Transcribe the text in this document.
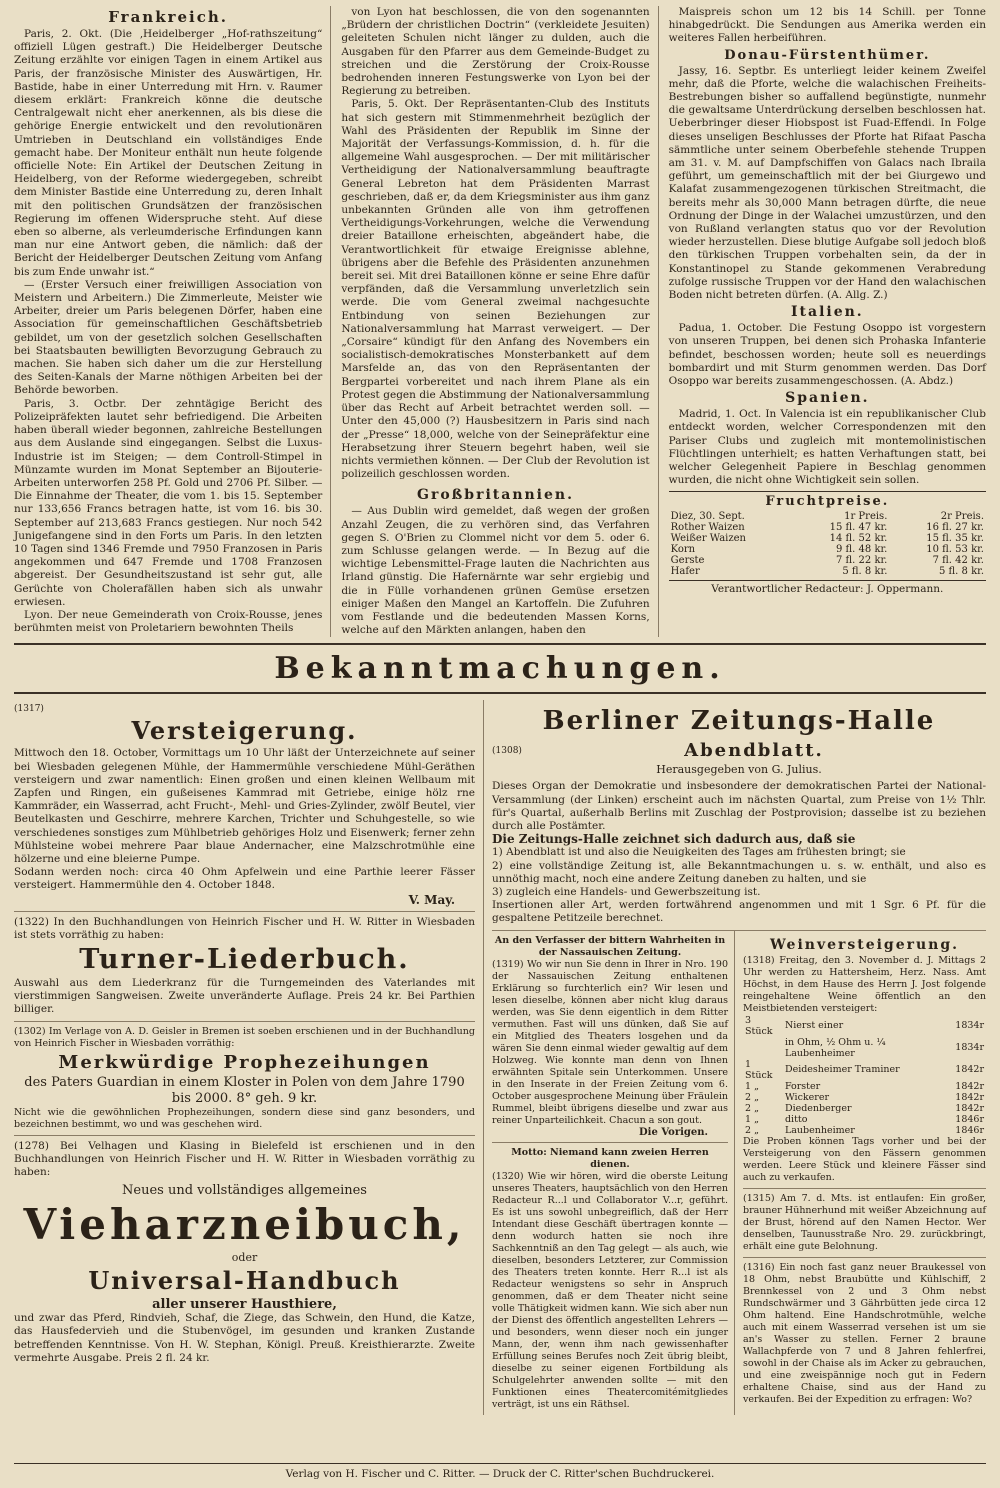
Frankreich.

Paris, 2. Okt. (Die ‚Heidelberger „Hof-rathszeitung“ offiziell Lügen gestraft.) Die Heidelberger Deutsche Zeitung erzählte vor einigen Tagen in einem Artikel aus Paris, der französische Minister des Auswärtigen, Hr. Bastide, habe in einer Unterredung mit Hrn. v. Raumer diesem erklärt: Frankreich könne die deutsche Centralgewalt nicht eher anerkennen, als bis diese die gehörige Energie entwickelt und den revolutionären Umtrieben in Deutschland ein vollständiges Ende gemacht habe. Der Moniteur enthält nun heute folgende officielle Note: Ein Artikel der Deutschen Zeitung in Heidelberg, von der Reforme wiedergegeben, schreibt dem Minister Bastide eine Unterredung zu, deren Inhalt mit den politischen Grundsätzen der französischen Regierung im offenen Widerspruche steht. Auf diese eben so alberne, als verleumderische Erfindungen kann man nur eine Antwort geben, die nämlich: daß der Bericht der Heidelberger Deutschen Zeitung vom Anfang bis zum Ende unwahr ist.“

— (Erster Versuch einer freiwilligen Association von Meistern und Arbeitern.) Die Zimmerleute, Meister wie Arbeiter, dreier um Paris belegenen Dörfer, haben eine Association für gemeinschaftlichen Geschäftsbetrieb gebildet, um von der gesetzlich solchen Gesellschaften bei Staatsbauten bewilligten Bevorzugung Gebrauch zu machen. Sie haben sich daher um die zur Herstellung des Seiten-Kanals der Marne nöthigen Arbeiten bei der Behörde beworben.

Paris, 3. Octbr. Der zehntägige Bericht des Polizeipräfekten lautet sehr befriedigend. Die Arbeiten haben überall wieder begonnen, zahlreiche Bestellungen aus dem Auslande sind eingegangen. Selbst die Luxus-Industrie ist im Steigen; — dem Controll-Stimpel in Münzamte wurden im Monat September an Bijouterie-Arbeiten unterworfen 258 Pf. Gold und 2706 Pf. Silber. — Die Einnahme der Theater, die vom 1. bis 15. September nur 133,656 Francs betragen hatte, ist vom 16. bis 30. September auf 213,683 Francs gestiegen. Nur noch 542 Junigefangene sind in den Forts um Paris. In den letzten 10 Tagen sind 1346 Fremde und 7950 Franzosen in Paris angekommen und 647 Fremde und 1708 Franzosen abgereist. Der Gesundheitszustand ist sehr gut, alle Gerüchte von Cholerafällen haben sich als unwahr erwiesen.

Lyon. Der neue Gemeinderath von Croix-Rousse, jenes berühmten meist von Proletariern bewohnten Theils

von Lyon hat beschlossen, die von den sogenannten „Brüdern der christlichen Doctrin“ (verkleidete Jesuiten) geleiteten Schulen nicht länger zu dulden, auch die Ausgaben für den Pfarrer aus dem Gemeinde-Budget zu streichen und die Zerstörung der Croix-Rousse bedrohenden inneren Festungswerke von Lyon bei der Regierung zu betreiben.

Paris, 5. Okt. Der Repräsentanten-Club des Instituts hat sich gestern mit Stimmenmehrheit bezüglich der Wahl des Präsidenten der Republik im Sinne der Majorität der Verfassungs-Kommission, d. h. für die allgemeine Wahl ausgesprochen. — Der mit militärischer Vertheidigung der Nationalversammlung beauftragte General Lebreton hat dem Präsidenten Marrast geschrieben, daß er, da dem Kriegsminister aus ihm ganz unbekannten Gründen alle von ihm getroffenen Vertheidigungs-Vorkehrungen, welche die Verwendung dreier Bataillone erheischten, abgeändert habe, die Verantwortlichkeit für etwaige Ereignisse ablehne, übrigens aber die Befehle des Präsidenten anzunehmen bereit sei. Mit drei Bataillonen könne er seine Ehre dafür verpfänden, daß die Versammlung unverletzlich sein werde. Die vom General zweimal nachgesuchte Entbindung von seinen Beziehungen zur Nationalversammlung hat Marrast verweigert. — Der „Corsaire“ kündigt für den Anfang des Novembers ein socialistisch-demokratisches Monsterbankett auf dem Marsfelde an, das von den Repräsentanten der Bergpartei vorbereitet und nach ihrem Plane als ein Protest gegen die Abstimmung der Nationalversammlung über das Recht auf Arbeit betrachtet werden soll. — Unter den 45,000 (?) Hausbesitzern in Paris sind nach der „Presse“ 18,000, welche von der Seinepräfektur eine Herabsetzung ihrer Steuern begehrt haben, weil sie nichts vermiethen können. — Der Club der Revolution ist polizeilich geschlossen worden.

Großbritannien.

— Aus Dublin wird gemeldet, daß wegen der großen Anzahl Zeugen, die zu verhören sind, das Verfahren gegen S. O'Brien zu Clommel nicht vor dem 5. oder 6. zum Schlusse gelangen werde. — In Bezug auf die wichtige Lebensmittel-Frage lauten die Nachrichten aus Irland günstig. Die Hafernärnte war sehr ergiebig und die in Fülle vorhandenen grünen Gemüse ersetzen einiger Maßen den Mangel an Kartoffeln. Die Zufuhren vom Festlande und die bedeutenden Massen Korns, welche auf den Märkten anlangen, haben den

Maispreis schon um 12 bis 14 Schill. per Tonne hinabgedrückt. Die Sendungen aus Amerika werden ein weiteres Fallen herbeiführen.

Donau-Fürstenthümer.

Jassy, 16. Septbr. Es unterliegt leider keinem Zweifel mehr, daß die Pforte, welche die walachischen Freiheits-Bestrebungen bisher so auffallend begünstigte, nunmehr die gewaltsame Unterdrückung derselben beschlossen hat. Ueberbringer dieser Hiobspost ist Fuad-Effendi. In Folge dieses unseligen Beschlusses der Pforte hat Rifaat Pascha sämmtliche unter seinem Oberbefehle stehende Truppen am 31. v. M. auf Dampfschiffen von Galacs nach Ibraila geführt, um gemeinschaftlich mit der bei Giurgewo und Kalafat zusammengezogenen türkischen Streitmacht, die bereits mehr als 30,000 Mann betragen dürfte, die neue Ordnung der Dinge in der Walachei umzustürzen, und den von Rußland verlangten status quo vor der Revolution wieder herzustellen. Diese blutige Aufgabe soll jedoch bloß den türkischen Truppen vorbehalten sein, da der in Konstantinopel zu Stande gekommenen Verabredung zufolge russische Truppen vor der Hand den walachischen Boden nicht betreten dürfen. (A. Allg. Z.)

Italien.

Padua, 1. October. Die Festung Osoppo ist vorgestern von unseren Truppen, bei denen sich Prohaska Infanterie befindet, beschossen worden; heute soll es neuerdings bombardirt und mit Sturm genommen werden. Das Dorf Osoppo war bereits zusammengeschossen. (A. Abdz.)

Spanien.

Madrid, 1. Oct. In Valencia ist ein republikanischer Club entdeckt worden, welcher Correspondenzen mit den Pariser Clubs und zugleich mit montemolinistischen Flüchtlingen unterhielt; es hatten Verhaftungen statt, bei welcher Gelegenheit Papiere in Beschlag genommen wurden, die nicht ohne Wichtigkeit sein sollen.

Fruchtpreise.
Diez, 30. Sept.	1r Preis.	2r Preis.
Rother Waizen	15 fl. 47 kr.	16 fl. 27 kr.
Weißer Waizen	14 fl. 52 kr.	15 fl. 35 kr.
Korn	9 fl. 48 kr.	10 fl. 53 kr.
Gerste	7 fl. 22 kr.	7 fl. 42 kr.
Hafer	5 fl. 8 kr.	5 fl. 8 kr.
Verantwortlicher Redacteur: J. Oppermann.
Bekanntmachungen.
(1317)
Versteigerung.

Mittwoch den 18. October, Vormittags um 10 Uhr läßt der Unterzeichnete auf seiner bei Wiesbaden gelegenen Mühle, der Hammermühle verschiedene Mühl-Geräthen versteigern und zwar namentlich: Einen großen und einen kleinen Wellbaum mit Zapfen und Ringen, ein gußeisenes Kammrad mit Getriebe, einige hölz rne Kammräder, ein Wasserrad, acht Frucht-, Mehl- und Gries-Zylinder, zwölf Beutel, vier Beutelkasten und Geschirre, mehrere Karchen, Trichter und Schuhgestelle, so wie verschiedenes sonstiges zum Mühlbetrieb gehöriges Holz und Eisenwerk; ferner zehn Mühlsteine wobei mehrere Paar blaue Andernacher, eine Malzschrotmühle eine hölzerne und eine bleierne Pumpe.

Sodann werden noch: circa 40 Ohm Apfelwein und eine Parthie leerer Fässer versteigert. Hammermühle den 4. October 1848.

V. May.

(1322) In den Buchhandlungen von Heinrich Fischer und H. W. Ritter in Wiesbaden ist stets vorräthig zu haben:

Turner-Liederbuch.

Auswahl aus dem Liederkranz für die Turngemeinden des Vaterlandes mit vierstimmigen Sangweisen. Zweite unveränderte Auflage. Preis 24 kr. Bei Parthien billiger.

(1302) Im Verlage von A. D. Geisler in Bremen ist soeben erschienen und in der Buchhandlung von Heinrich Fischer in Wiesbaden vorräthig:

Merkwürdige Prophezeihungen

des Paters Guardian in einem Kloster in Polen von dem Jahre 1790 bis 2000. 8° geh. 9 kr.

Nicht wie die gewöhnlichen Prophezeihungen, sondern diese sind ganz besonders, und bezeichnen bestimmt, wo und was geschehen wird.

(1278) Bei Velhagen und Klasing in Bielefeld ist erschienen und in den Buchhandlungen von Heinrich Fischer und H. W. Ritter in Wiesbaden vorräthig zu haben:

Neues und vollständiges allgemeines
Vieharzneibuch,
oder
Universal-Handbuch
aller unserer Hausthiere,

und zwar das Pferd, Rindvieh, Schaf, die Ziege, das Schwein, den Hund, die Katze, das Hausfedervieh und die Stubenvögel, im gesunden und kranken Zustande betreffenden Kenntnisse. Von H. W. Stephan, Königl. Preuß. Kreisthierarzte. Zweite vermehrte Ausgabe. Preis 2 fl. 24 kr.

Berliner Zeitungs-Halle
(1308)	Abendblatt.
Herausgegeben von G. Julius.

Dieses Organ der Demokratie und insbesondere der demokratischen Partei der National-Versammlung (der Linken) erscheint auch im nächsten Quartal, zum Preise von 1½ Thlr. für's Quartal, außerhalb Berlins mit Zuschlag der Postprovision; dasselbe ist zu beziehen durch alle Postämter.

Die Zeitungs-Halle zeichnet sich dadurch aus, daß sie

1) Abendblatt ist und also die Neuigkeiten des Tages am frühesten bringt; sie

2) eine vollständige Zeitung ist, alle Bekanntmachungen u. s. w. enthält, und also es unnöthig macht, noch eine andere Zeitung daneben zu halten, und sie

3) zugleich eine Handels- und Gewerbszeitung ist.

Insertionen aller Art, werden fortwährend angenommen und mit 1 Sgr. 6 Pf. für die gespaltene Petitzeile berechnet.

An den Verfasser der bittern Wahrheiten in der Nassauischen Zeitung.

(1319) Wo wir nun Sie denn in Ihrer in Nro. 190 der Nassauischen Zeitung enthaltenen Erklärung so furchterlich ein? Wir lesen und lesen dieselbe, können aber nicht klug daraus werden, was Sie denn eigentlich in dem Ritter vermuthen. Fast will uns dünken, daß Sie auf ein Mitglied des Theaters losgehen und da wären Sie denn einmal wieder gewaltig auf dem Holzweg. Wie konnte man denn von Ihnen erwähnten Spitale sein Unterkommen. Unsere in den Inserate in der Freien Zeitung vom 6. October ausgesprochene Meinung über Fräulein Rummel, bleibt übrigens dieselbe und zwar aus reiner Unparteilichkeit. Chacun a son gout.

Die Vorigen.
Motto: Niemand kann zweien Herren dienen.

(1320) Wie wir hören, wird die oberste Leitung unseres Theaters, hauptsächlich von den Herren Redacteur R...l und Collaborator V...r, geführt. Es ist uns sowohl unbegreiflich, daß der Herr Intendant diese Geschäft übertragen konnte — denn wodurch hatten sie noch ihre Sachkenntniß an den Tag gelegt — als auch, wie dieselben, besonders Letzterer, zur Commission des Theaters treten konnte. Herr R...l ist als Redacteur wenigstens so sehr in Anspruch genommen, daß er dem Theater nicht seine volle Thätigkeit widmen kann. Wie sich aber nun der Dienst des öffentlich angestellten Lehrers — und besonders, wenn dieser noch ein junger Mann, der, wenn ihm nach gewissenhafter Erfüllung seines Berufes noch Zeit übrig bleibt, dieselbe zu seiner eigenen Fortbildung als Schulgelehrter anwenden sollte — mit den Funktionen eines Theatercomitémitgliedes verträgt, ist uns ein Räthsel.

Weinversteigerung.

(1318) Freitag, den 3. November d. J. Mittags 2 Uhr werden zu Hattersheim, Herz. Nass. Amt Höchst, in dem Hause des Herrn J. Jost folgende reingehaltene Weine öffentlich an den Meistbietenden versteigert:

3 Stück	Nierst einer	1834r
	in Ohm, ½ Ohm u. ¼ Laubenheimer	1834r
1 Stück	Deidesheimer Traminer	1842r
1 „	Forster	1842r
2 „	Wickerer	1842r
2 „	Diedenberger	1842r
1 „	ditto	1846r
2 „	Laubenheimer	1846r

Die Proben können Tags vorher und bei der Versteigerung von den Fässern genommen werden. Leere Stück und kleinere Fässer sind auch zu verkaufen.

(1315) Am 7. d. Mts. ist entlaufen: Ein großer, brauner Hühnerhund mit weißer Abzeichnung auf der Brust, hörend auf den Namen Hector. Wer denselben, Taunusstraße Nro. 29. zurückbringt, erhält eine gute Belohnung.

(1316) Ein noch fast ganz neuer Braukessel von 18 Ohm, nebst Braubütte und Kühlschiff, 2 Brennkessel von 2 und 3 Ohm nebst Rundschwärmer und 3 Gährbütten jede circa 12 Ohm haltend. Eine Handschrotmühle, welche auch mit einem Wasserrad versehen ist um sie an's Wasser zu stellen. Ferner 2 braune Wallachpferde von 7 und 8 Jahren fehlerfrei, sowohl in der Chaise als im Acker zu gebrauchen, und eine zweispännige noch gut in Federn erhaltene Chaise, sind aus der Hand zu verkaufen. Bei der Expedition zu erfragen: Wo?

Verlag von H. Fischer und C. Ritter. — Druck der C. Ritter'schen Buchdruckerei.
